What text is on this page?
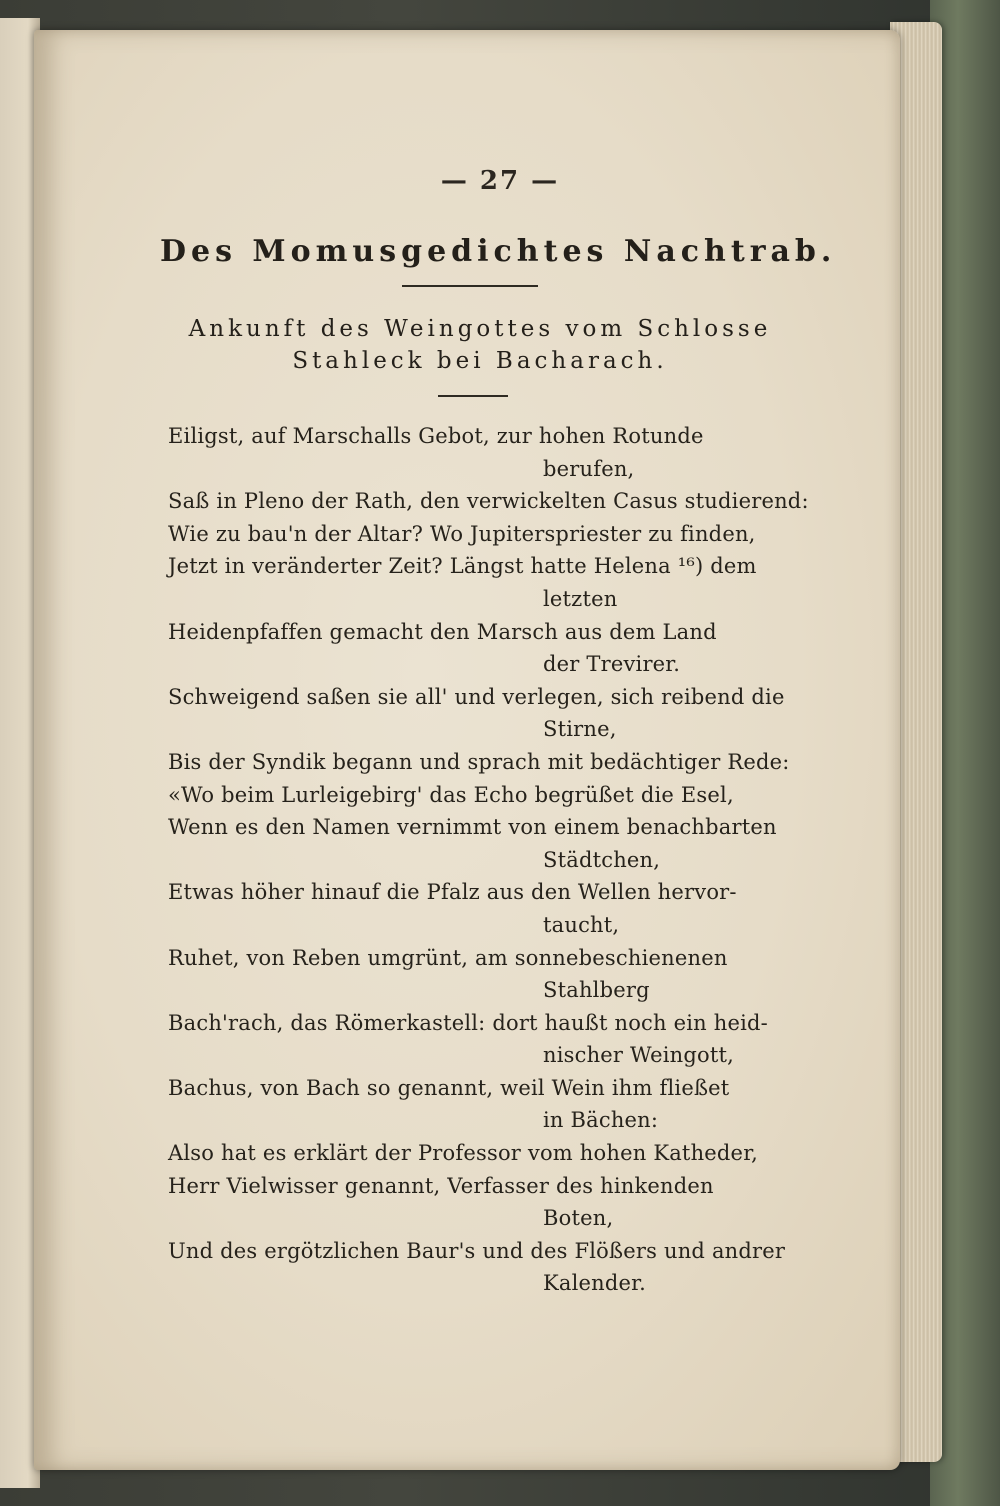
— 27 —
Des Momusgedichtes Nachtrab.
Ankunft des Weingottes vom Schlosse
Stahleck bei Bacharach.
Eiligst, auf Marschalls Gebot, zur hohen Rotunde
berufen,
Saß in Pleno der Rath, den verwickelten Casus studierend:
Wie zu bau'n der Altar? Wo Jupiterspriester zu finden,
Jetzt in veränderter Zeit? Längst hatte Helena ¹⁶) dem
letzten
Heidenpfaffen gemacht den Marsch aus dem Land
der Trevirer.
Schweigend saßen sie all' und verlegen, sich reibend die
Stirne,
Bis der Syndik begann und sprach mit bedächtiger Rede:
«Wo beim Lurleigebirg' das Echo begrüßet die Esel,
Wenn es den Namen vernimmt von einem benachbarten
Städtchen,
Etwas höher hinauf die Pfalz aus den Wellen hervor-
taucht,
Ruhet, von Reben umgrünt, am sonnebeschienenen
Stahlberg
Bach'rach, das Römerkastell: dort haußt noch ein heid-
nischer Weingott,
Bachus, von Bach so genannt, weil Wein ihm fließet
in Bächen:
Also hat es erklärt der Professor vom hohen Katheder,
Herr Vielwisser genannt, Verfasser des hinkenden
Boten,
Und des ergötzlichen Baur's und des Flößers und andrer
Kalender.
